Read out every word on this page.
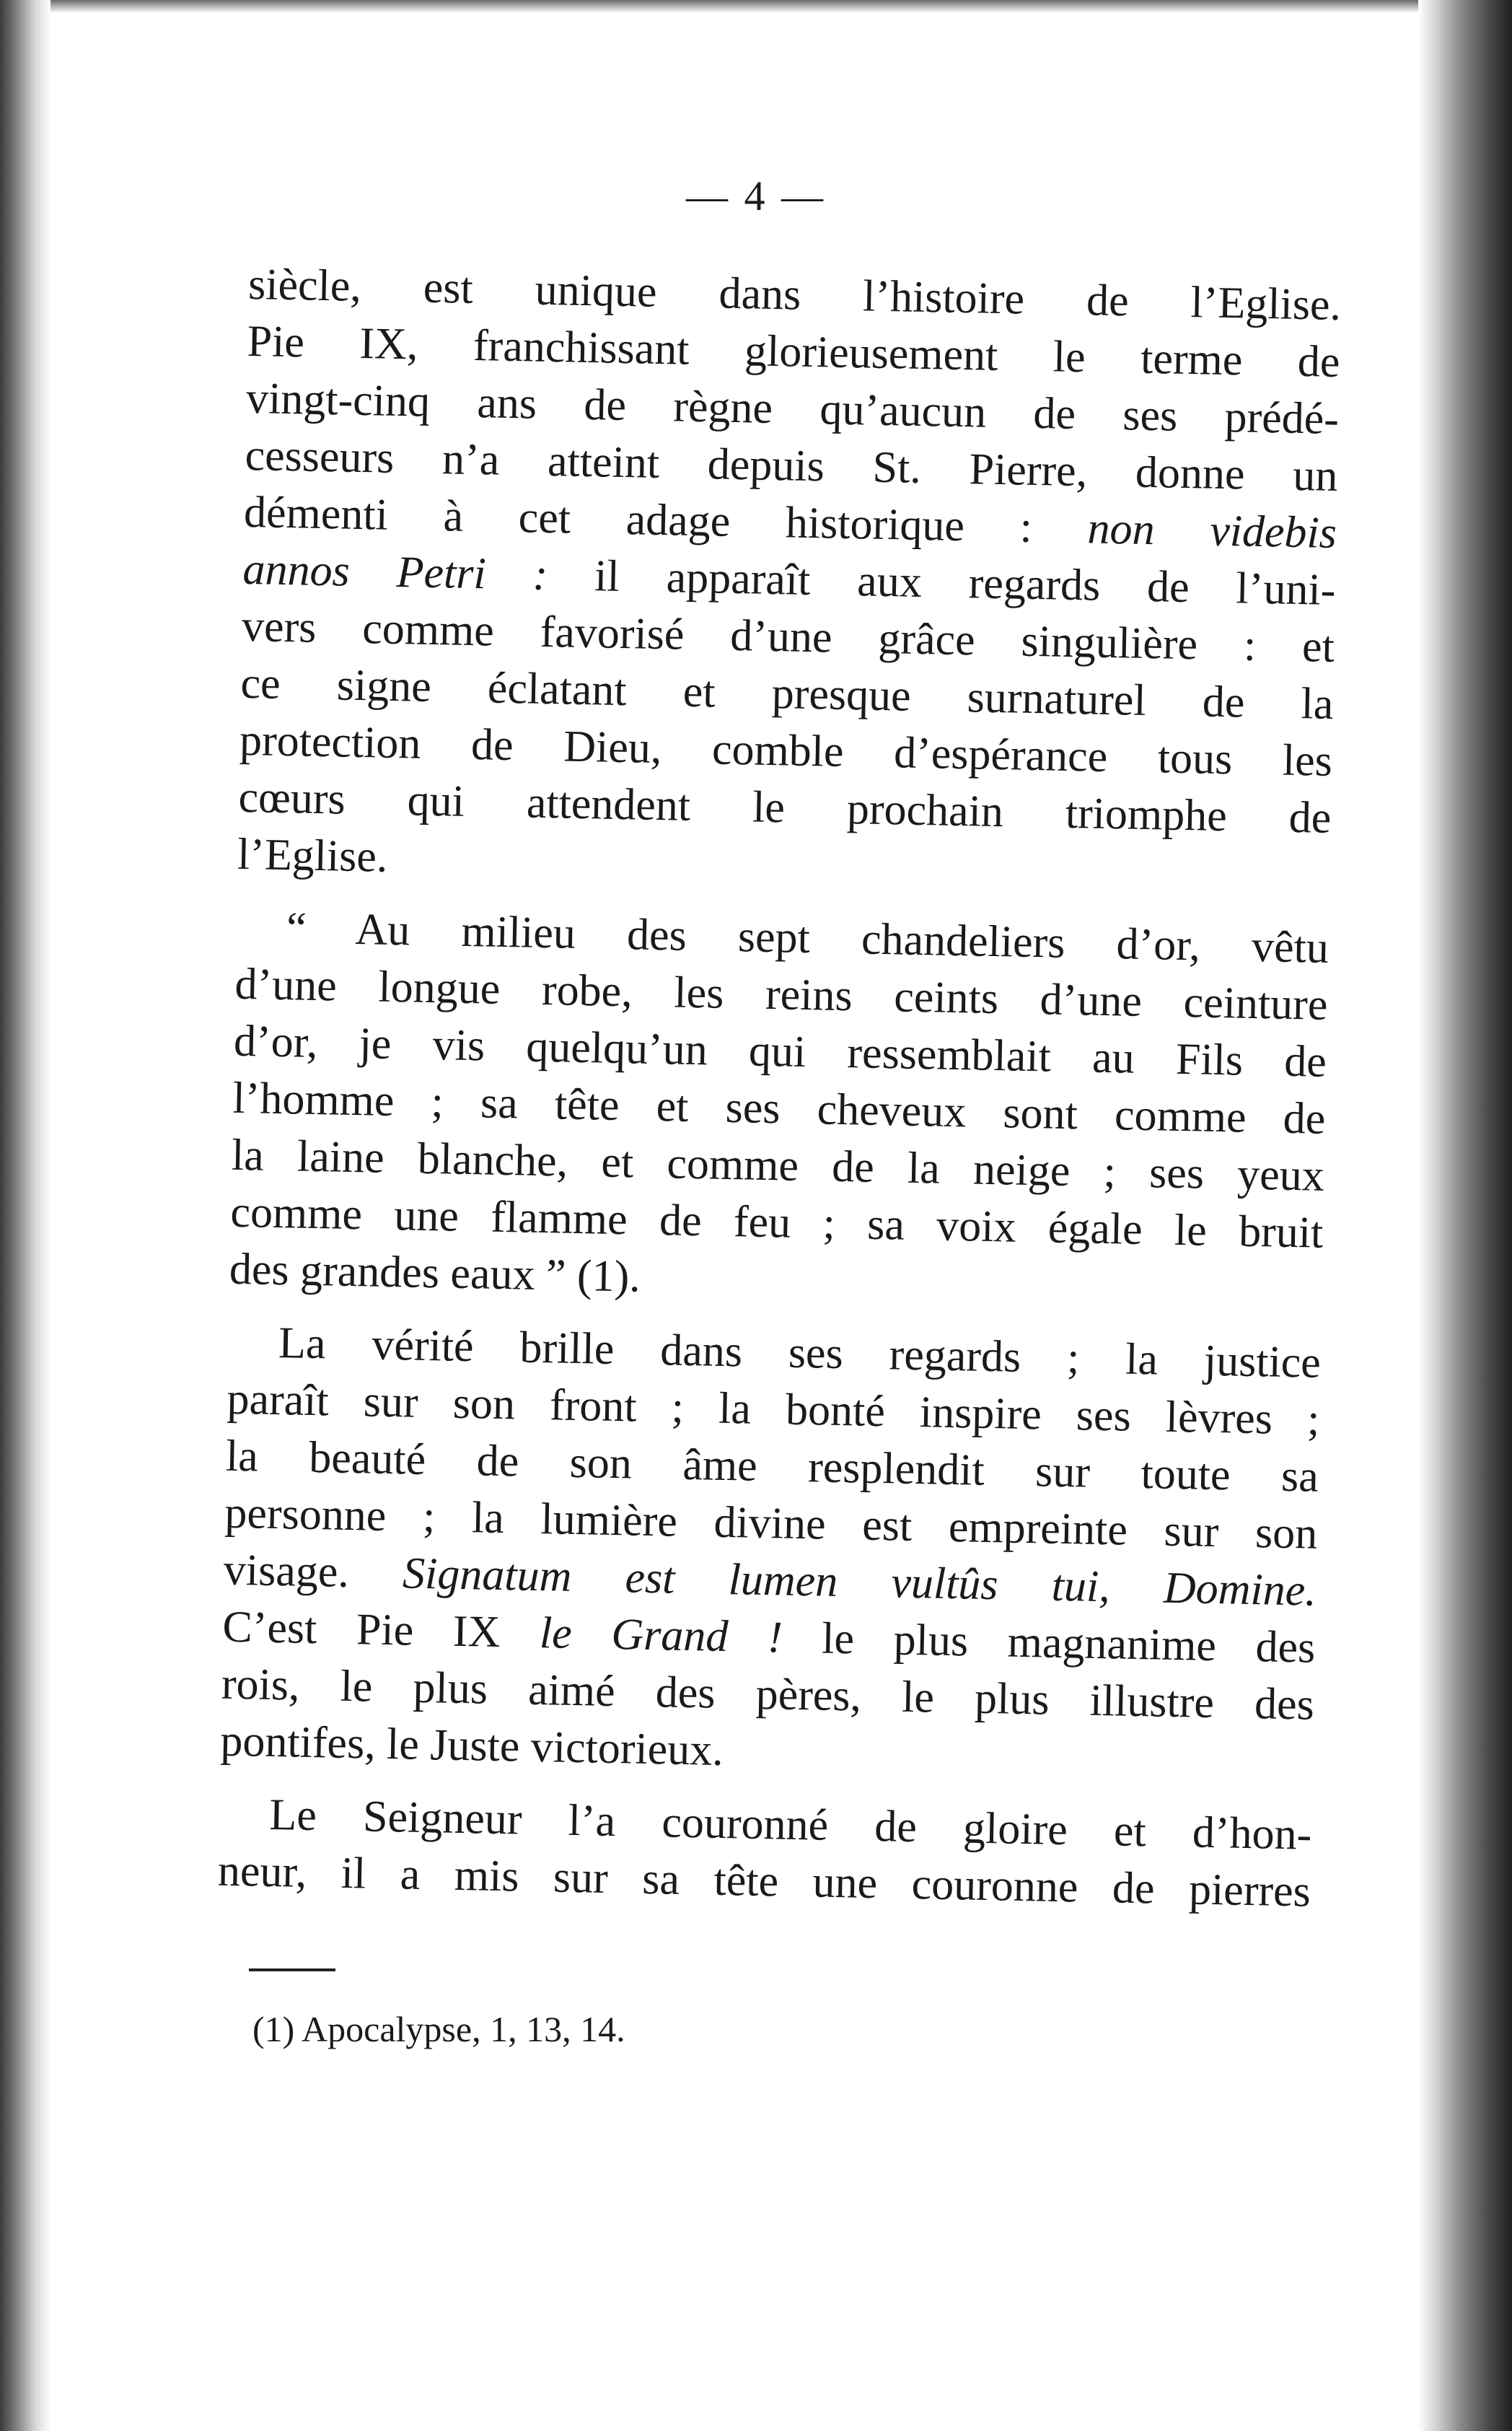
— 4 —

siècle, est unique dans l’histoire de l’Eglise.
Pie IX, franchissant glorieusement le terme de
vingt-cinq ans de règne qu’aucun de ses prédé-
cesseurs n’a atteint depuis St. Pierre, donne un
démenti à cet adage historique : non videbis
annos Petri : il apparaît aux regards de l’uni-
vers comme favorisé d’une grâce singulière : et
ce signe éclatant et presque surnaturel de la
protection de Dieu, comble d’espérance tous les
cœurs qui attendent le prochain triomphe de
l’Eglise.

“ Au milieu des sept chandeliers d’or, vêtu
d’une longue robe, les reins ceints d’une ceinture
d’or, je vis quelqu’un qui ressemblait au Fils de
l’homme ; sa tête et ses cheveux sont comme de
la laine blanche, et comme de la neige ; ses yeux
comme une flamme de feu ; sa voix égale le bruit
des grandes eaux ” (1).

La vérité brille dans ses regards ; la justice
paraît sur son front ; la bonté inspire ses lèvres ;
la beauté de son âme resplendit sur toute sa
personne ; la lumière divine est empreinte sur son
visage. Signatum est lumen vultûs tui, Domine.
C’est Pie IX le Grand ! le plus magnanime des
rois, le plus aimé des pères, le plus illustre des
pontifes, le Juste victorieux.

Le Seigneur l’a couronné de gloire et d’hon-
neur, il a mis sur sa tête une couronne de pierres

(1) Apocalypse, 1, 13, 14.
